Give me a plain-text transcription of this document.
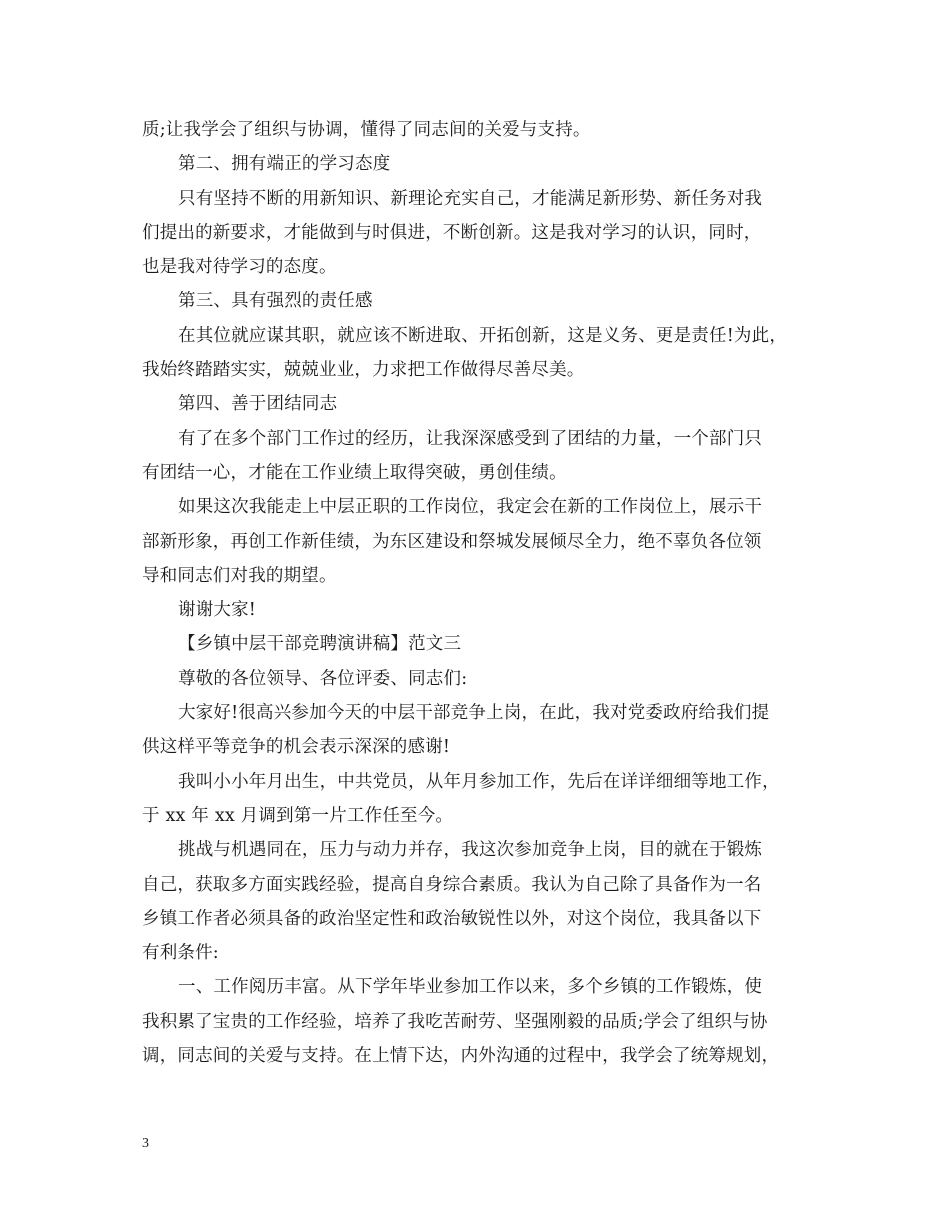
质;让我学会了组织与协调，懂得了同志间的关爱与支持。
第二、拥有端正的学习态度
只有坚持不断的用新知识、新理论充实自己，才能满足新形势、新任务对我
们提出的新要求，才能做到与时俱进，不断创新。这是我对学习的认识，同时，
也是我对待学习的态度。
第三、具有强烈的责任感
在其位就应谋其职，就应该不断进取、开拓创新，这是义务、更是责任!为此，
我始终踏踏实实，兢兢业业，力求把工作做得尽善尽美。
第四、善于团结同志
有了在多个部门工作过的经历，让我深深感受到了团结的力量，一个部门只
有团结一心，才能在工作业绩上取得突破，勇创佳绩。
如果这次我能走上中层正职的工作岗位，我定会在新的工作岗位上，展示干
部新形象，再创工作新佳绩，为东区建设和祭城发展倾尽全力，绝不辜负各位领
导和同志们对我的期望。
谢谢大家!
【乡镇中层干部竞聘演讲稿】范文三
尊敬的各位领导、各位评委、同志们:
大家好!很高兴参加今天的中层干部竞争上岗，在此，我对党委政府给我们提
供这样平等竞争的机会表示深深的感谢!
我叫小小年月出生，中共党员，从年月参加工作，先后在详详细细等地工作，
于 xx 年 xx 月调到第一片工作任至今。
挑战与机遇同在，压力与动力并存，我这次参加竞争上岗，目的就在于锻炼
自己，获取多方面实践经验，提高自身综合素质。我认为自己除了具备作为一名
乡镇工作者必须具备的政治坚定性和政治敏锐性以外，对这个岗位，我具备以下
有利条件:
一、工作阅历丰富。从下学年毕业参加工作以来，多个乡镇的工作锻炼，使
我积累了宝贵的工作经验，培养了我吃苦耐劳、坚强刚毅的品质;学会了组织与协
调，同志间的关爱与支持。在上情下达，内外沟通的过程中，我学会了统筹规划，
3
